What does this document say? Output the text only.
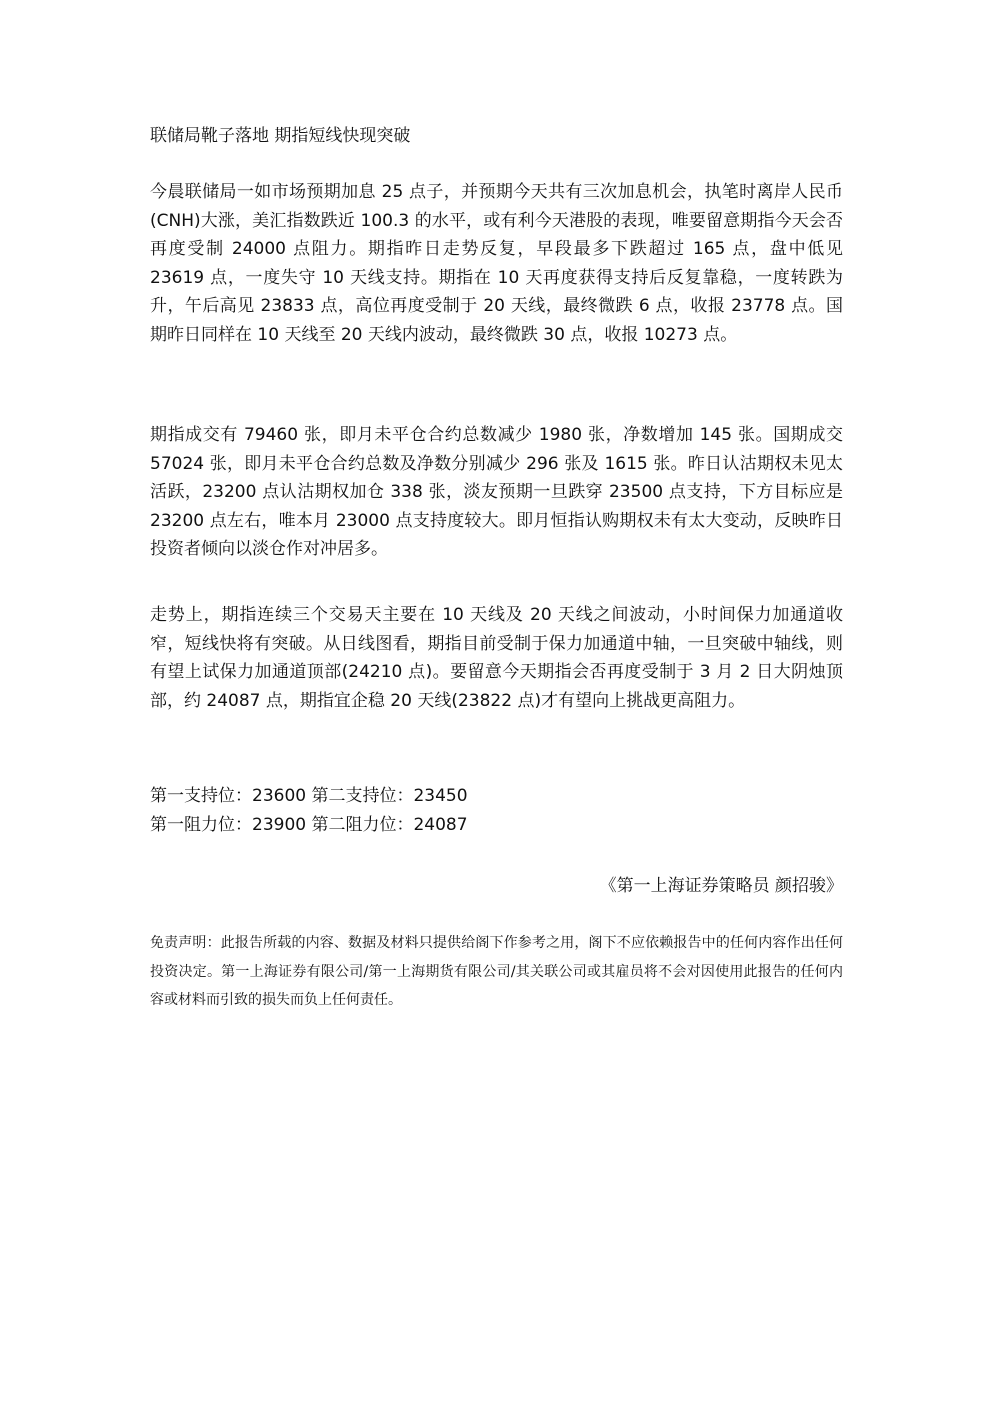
联储局靴子落地 期指短线快现突破

今晨联储局一如市场预期加息 25 点子，并预期今天共有三次加息机会，执笔时离岸人民币(CNH)大涨，美汇指数跌近 100.3 的水平，或有利今天港股的表现，唯要留意期指今天会否再度受制 24000 点阻力。期指昨日走势反复，早段最多下跌超过 165 点，盘中低见 23619 点，一度失守 10 天线支持。期指在 10 天再度获得支持后反复靠稳，一度转跌为升，午后高见 23833 点，高位再度受制于 20 天线，最终微跌 6 点，收报 23778 点。国期昨日同样在 10 天线至 20 天线内波动，最终微跌 30 点，收报 10273 点。

期指成交有 79460 张，即月未平仓合约总数减少 1980 张，净数增加 145 张。国期成交 57024 张，即月未平仓合约总数及净数分别减少 296 张及 1615 张。昨日认沽期权未见太活跃，23200 点认沽期权加仓 338 张，淡友预期一旦跌穿 23500 点支持，下方目标应是 23200 点左右，唯本月 23000 点支持度较大。即月恒指认购期权未有太大变动，反映昨日投资者倾向以淡仓作对冲居多。

走势上，期指连续三个交易天主要在 10 天线及 20 天线之间波动，小时间保力加通道收窄，短线快将有突破。从日线图看，期指目前受制于保力加通道中轴，一旦突破中轴线，则有望上试保力加通道顶部(24210 点)。要留意今天期指会否再度受制于 3 月 2 日大阴烛顶部，约 24087 点，期指宜企稳 20 天线(23822 点)才有望向上挑战更高阻力。

第一支持位：23600 第二支持位：23450
第一阻力位：23900 第二阻力位：24087
《第一上海证券策略员 颜招骏》

免责声明：此报告所载的内容、数据及材料只提供给阁下作参考之用，阁下不应依赖报告中的任何内容作出任何投资决定。第一上海证券有限公司/第一上海期货有限公司/其关联公司或其雇员将不会对因使用此报告的任何内容或材料而引致的损失而负上任何责任。
